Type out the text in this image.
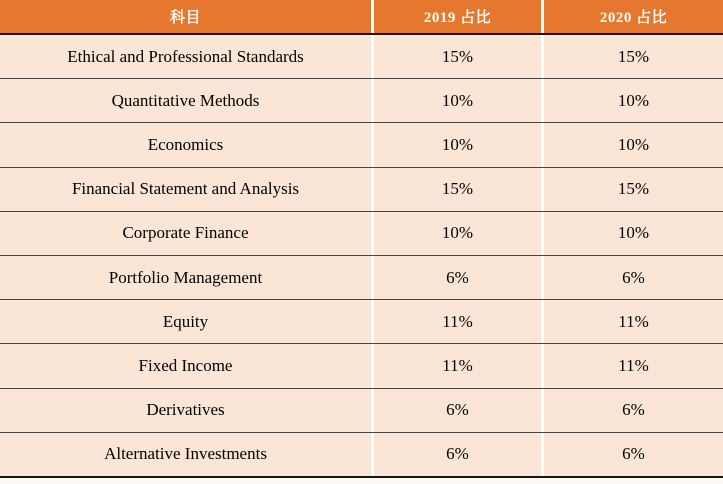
科目	2019 占比	2020 占比
Ethical and Professional Standards	15%	15%
Quantitative Methods	10%	10%
Economics	10%	10%
Financial Statement and Analysis	15%	15%
Corporate Finance	10%	10%
Portfolio Management	6%	6%
Equity	11%	11%
Fixed Income	11%	11%
Derivatives	6%	6%
Alternative Investments	6%	6%
